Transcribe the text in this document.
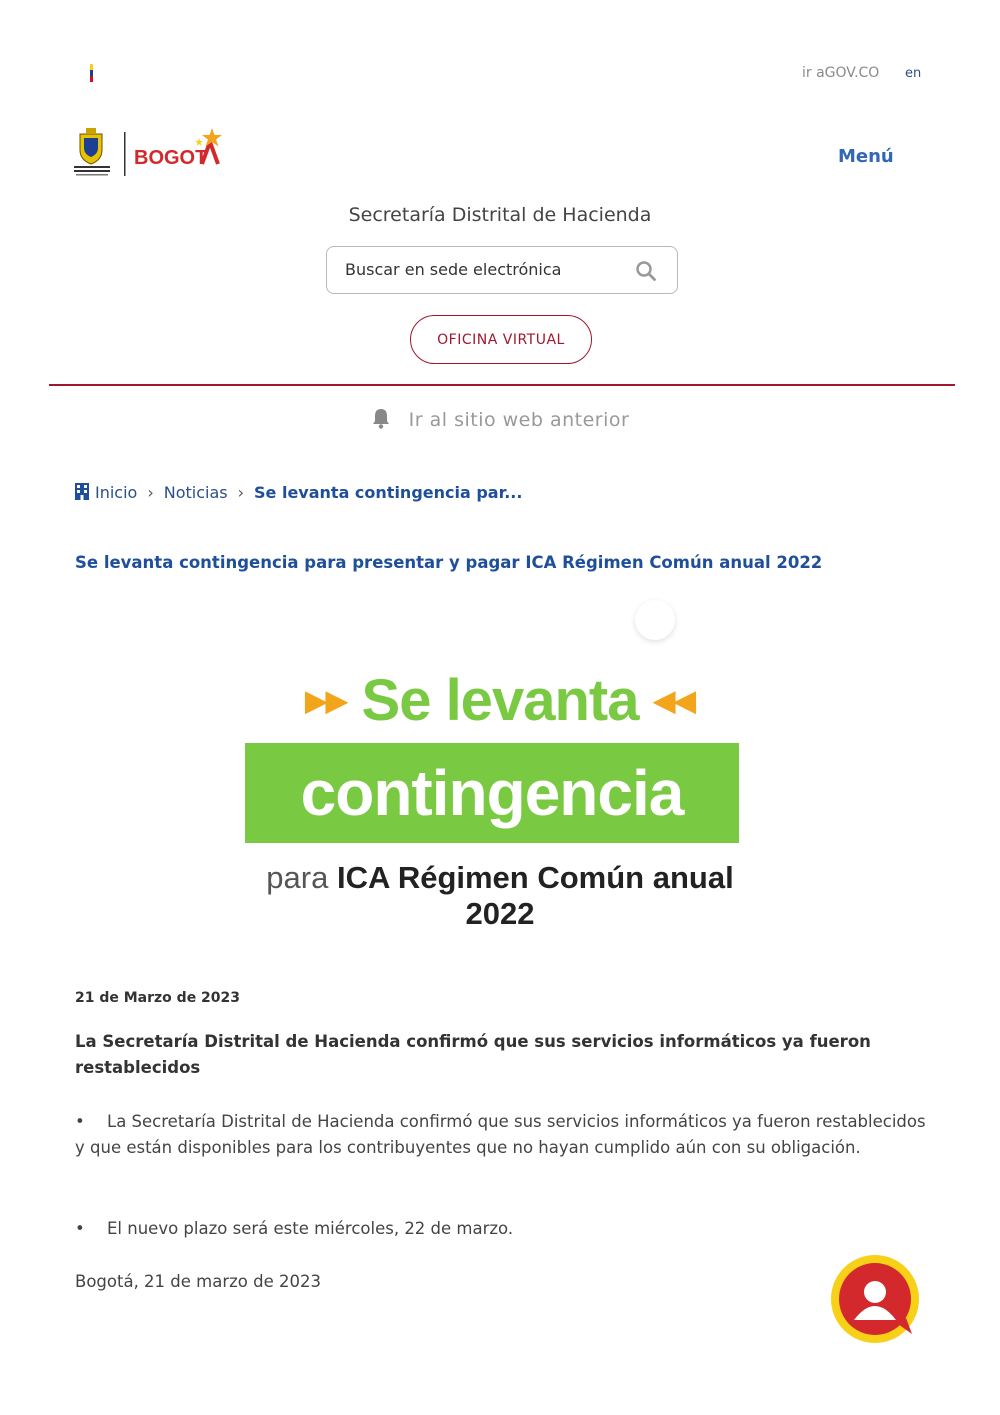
ir aGOV.CO en
BOGOT	Menú
Secretaría Distrital de Hacienda
Buscar en sede electrónica
OFICINA VIRTUAL
Ir al sitio web anterior
Inicio › Noticias › Se levanta contingencia par...
Se levanta contingencia para presentar y pagar ICA Régimen Común anual 2022
▶▶ Se levanta ◀◀
contingencia
para ICA Régimen Común anual 2022
21 de Marzo de 2023
La Secretaría Distrital de Hacienda confirmó que sus servicios informáticos ya fueron restablecidos
• La Secretaría Distrital de Hacienda confirmó que sus servicios informáticos ya fueron restablecidos y que están disponibles para los contribuyentes que no hayan cumplido aún con su obligación.
• El nuevo plazo será este miércoles, 22 de marzo.
Bogotá, 21 de marzo de 2023
